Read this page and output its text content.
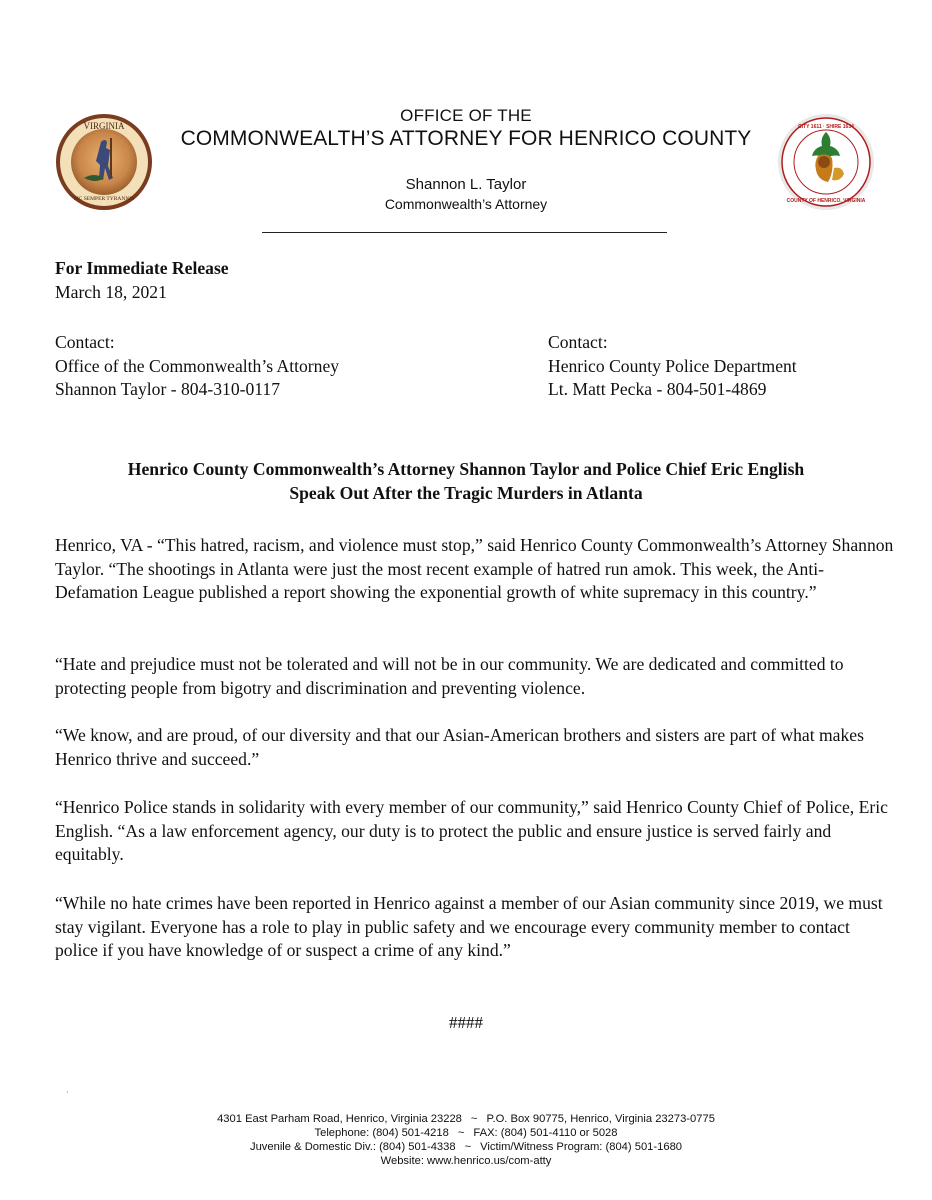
VIRGINIA
SIC SEMPER TYRANNIS
CITY 1611 · SHIRE 1634
COUNTY OF HENRICO, VIRGINIA
OFFICE OF THE
COMMONWEALTH’S ATTORNEY FOR HENRICO COUNTY
Shannon L. Taylor
Commonwealth’s Attorney
For Immediate Release
March 18, 2021
Contact:
Office of the Commonwealth’s Attorney
Shannon Taylor - 804-310-0117
Contact:
Henrico County Police Department
Lt. Matt Pecka - 804-501-4869
Henrico County Commonwealth’s Attorney Shannon Taylor and Police Chief Eric English
Speak Out After the Tragic Murders in Atlanta
Henrico, VA - “This hatred, racism, and violence must stop,” said Henrico County Commonwealth’s Attorney Shannon Taylor. “The shootings in Atlanta were just the most recent example of hatred run amok. This week, the Anti-Defamation League published a report showing the exponential growth of white supremacy in this country.”
“Hate and prejudice must not be tolerated and will not be in our community. We are dedicated and committed to protecting people from bigotry and discrimination and preventing violence.
“We know, and are proud, of our diversity and that our Asian-American brothers and sisters are part of what makes Henrico thrive and succeed.”
“Henrico Police stands in solidarity with every member of our community,” said Henrico County Chief of Police, Eric English. “As a law enforcement agency, our duty is to protect the public and ensure justice is served fairly and equitably.
“While no hate crimes have been reported in Henrico against a member of our Asian community since 2019, we must stay vigilant. Everyone has a role to play in public safety and we encourage every community member to contact police if you have knowledge of or suspect a crime of any kind.”
####
·
4301 East Parham Road, Henrico, Virginia 23228 ~ P.O. Box 90775, Henrico, Virginia 23273-0775
Telephone: (804) 501-4218 ~ FAX: (804) 501-4110 or 5028
Juvenile & Domestic Div.: (804) 501-4338 ~ Victim/Witness Program: (804) 501-1680
Website: www.henrico.us/com-atty
